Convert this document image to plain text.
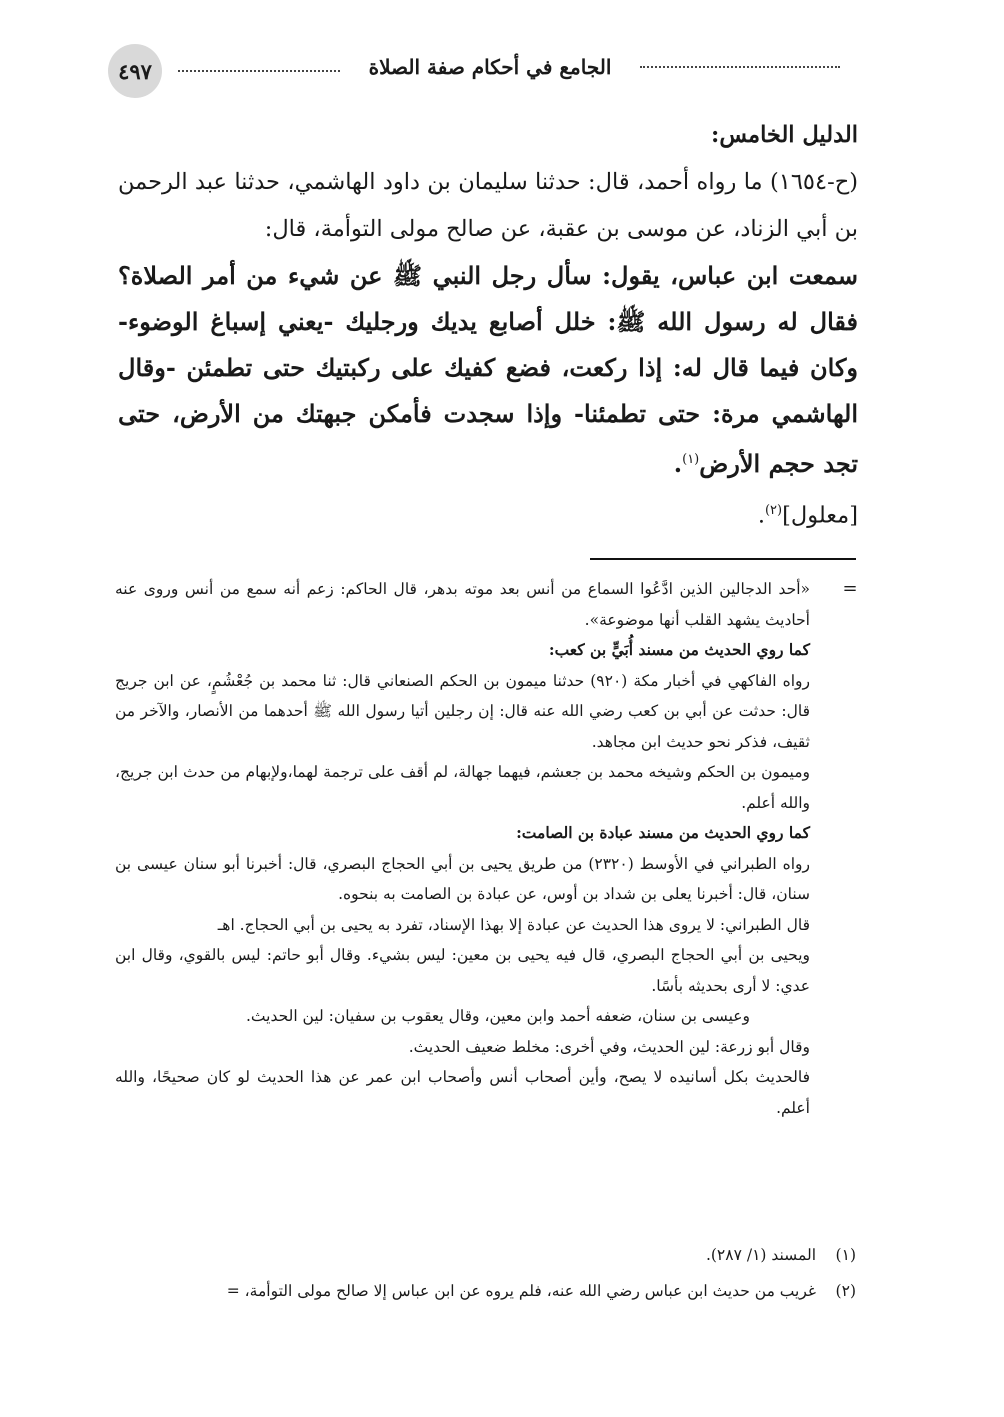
٤٩٧	الجامع في أحكام صفة الصلاة

الدليل الخامس:

(ح-١٦٥٤) ما رواه أحمد، قال: حدثنا سليمان بن داود الهاشمي، حدثنا عبد الرحمن بن أبي الزناد، عن موسى بن عقبة، عن صالح مولى التوأمة، قال:

سمعت ابن عباس، يقول: سأل رجل النبي ﷺ عن شيء من أمر الصلاة؟ فقال له رسول الله ﷺ: خلل أصابع يديك ورجليك -يعني إسباغ الوضوء- وكان فيما قال له: إذا ركعت، فضع كفيك على ركبتيك حتى تطمئن -وقال الهاشمي مرة: حتى تطمئنا- وإذا سجدت فأمكن جبهتك من الأرض، حتى تجد حجم الأرض$^{(١)}$.

[معلول]$^{(٢)}$.

=

«أحد الدجالين الذين ادَّعُوا السماع من أنس بعد موته بدهر، قال الحاكم: زعم أنه سمع من أنس وروى عنه أحاديث يشهد القلب أنها موضوعة».

كما روي الحديث من مسند أُبَيٍّ بن كعب:

رواه الفاكهي في أخبار مكة (٩٢٠) حدثنا ميمون بن الحكم الصنعاني قال: ثنا محمد بن جُعْشُمٍ، عن ابن جريج قال: حدثت عن أبي بن كعب رضي الله عنه قال: إن رجلين أتيا رسول الله ﷺ أحدهما من الأنصار، والآخر من ثقيف، فذكر نحو حديث ابن مجاهد.

وميمون بن الحكم وشيخه محمد بن جعشم، فيهما جهالة، لم أقف على ترجمة لهما،ولإبهام من حدث ابن جريج، والله أعلم.

كما روي الحديث من مسند عبادة بن الصامت:

رواه الطبراني في الأوسط (٢٣٢٠) من طريق يحيى بن أبي الحجاج البصري، قال: أخبرنا أبو سنان عيسى بن سنان، قال: أخبرنا يعلى بن شداد بن أوس، عن عبادة بن الصامت به بنحوه.

قال الطبراني: لا يروى هذا الحديث عن عبادة إلا بهذا الإسناد، تفرد به يحيى بن أبي الحجاج. اهـ

ويحيى بن أبي الحجاج البصري، قال فيه يحيى بن معين: ليس بشيء. وقال أبو حاتم: ليس بالقوي، وقال ابن عدي: لا أرى بحديثه بأسًا.

وعيسى بن سنان، ضعفه أحمد وابن معين، وقال يعقوب بن سفيان: لين الحديث.

وقال أبو زرعة: لين الحديث، وفي أخرى: مخلط ضعيف الحديث.

فالحديث بكل أسانيده لا يصح، وأين أصحاب أنس وأصحاب ابن عمر عن هذا الحديث لو كان صحيحًا، والله أعلم.

(١)
المسند (١/ ٢٨٧).
(٢)
غريب من حديث ابن عباس رضي الله عنه، فلم يروه عن ابن عباس إلا صالح مولى التوأمة، =
